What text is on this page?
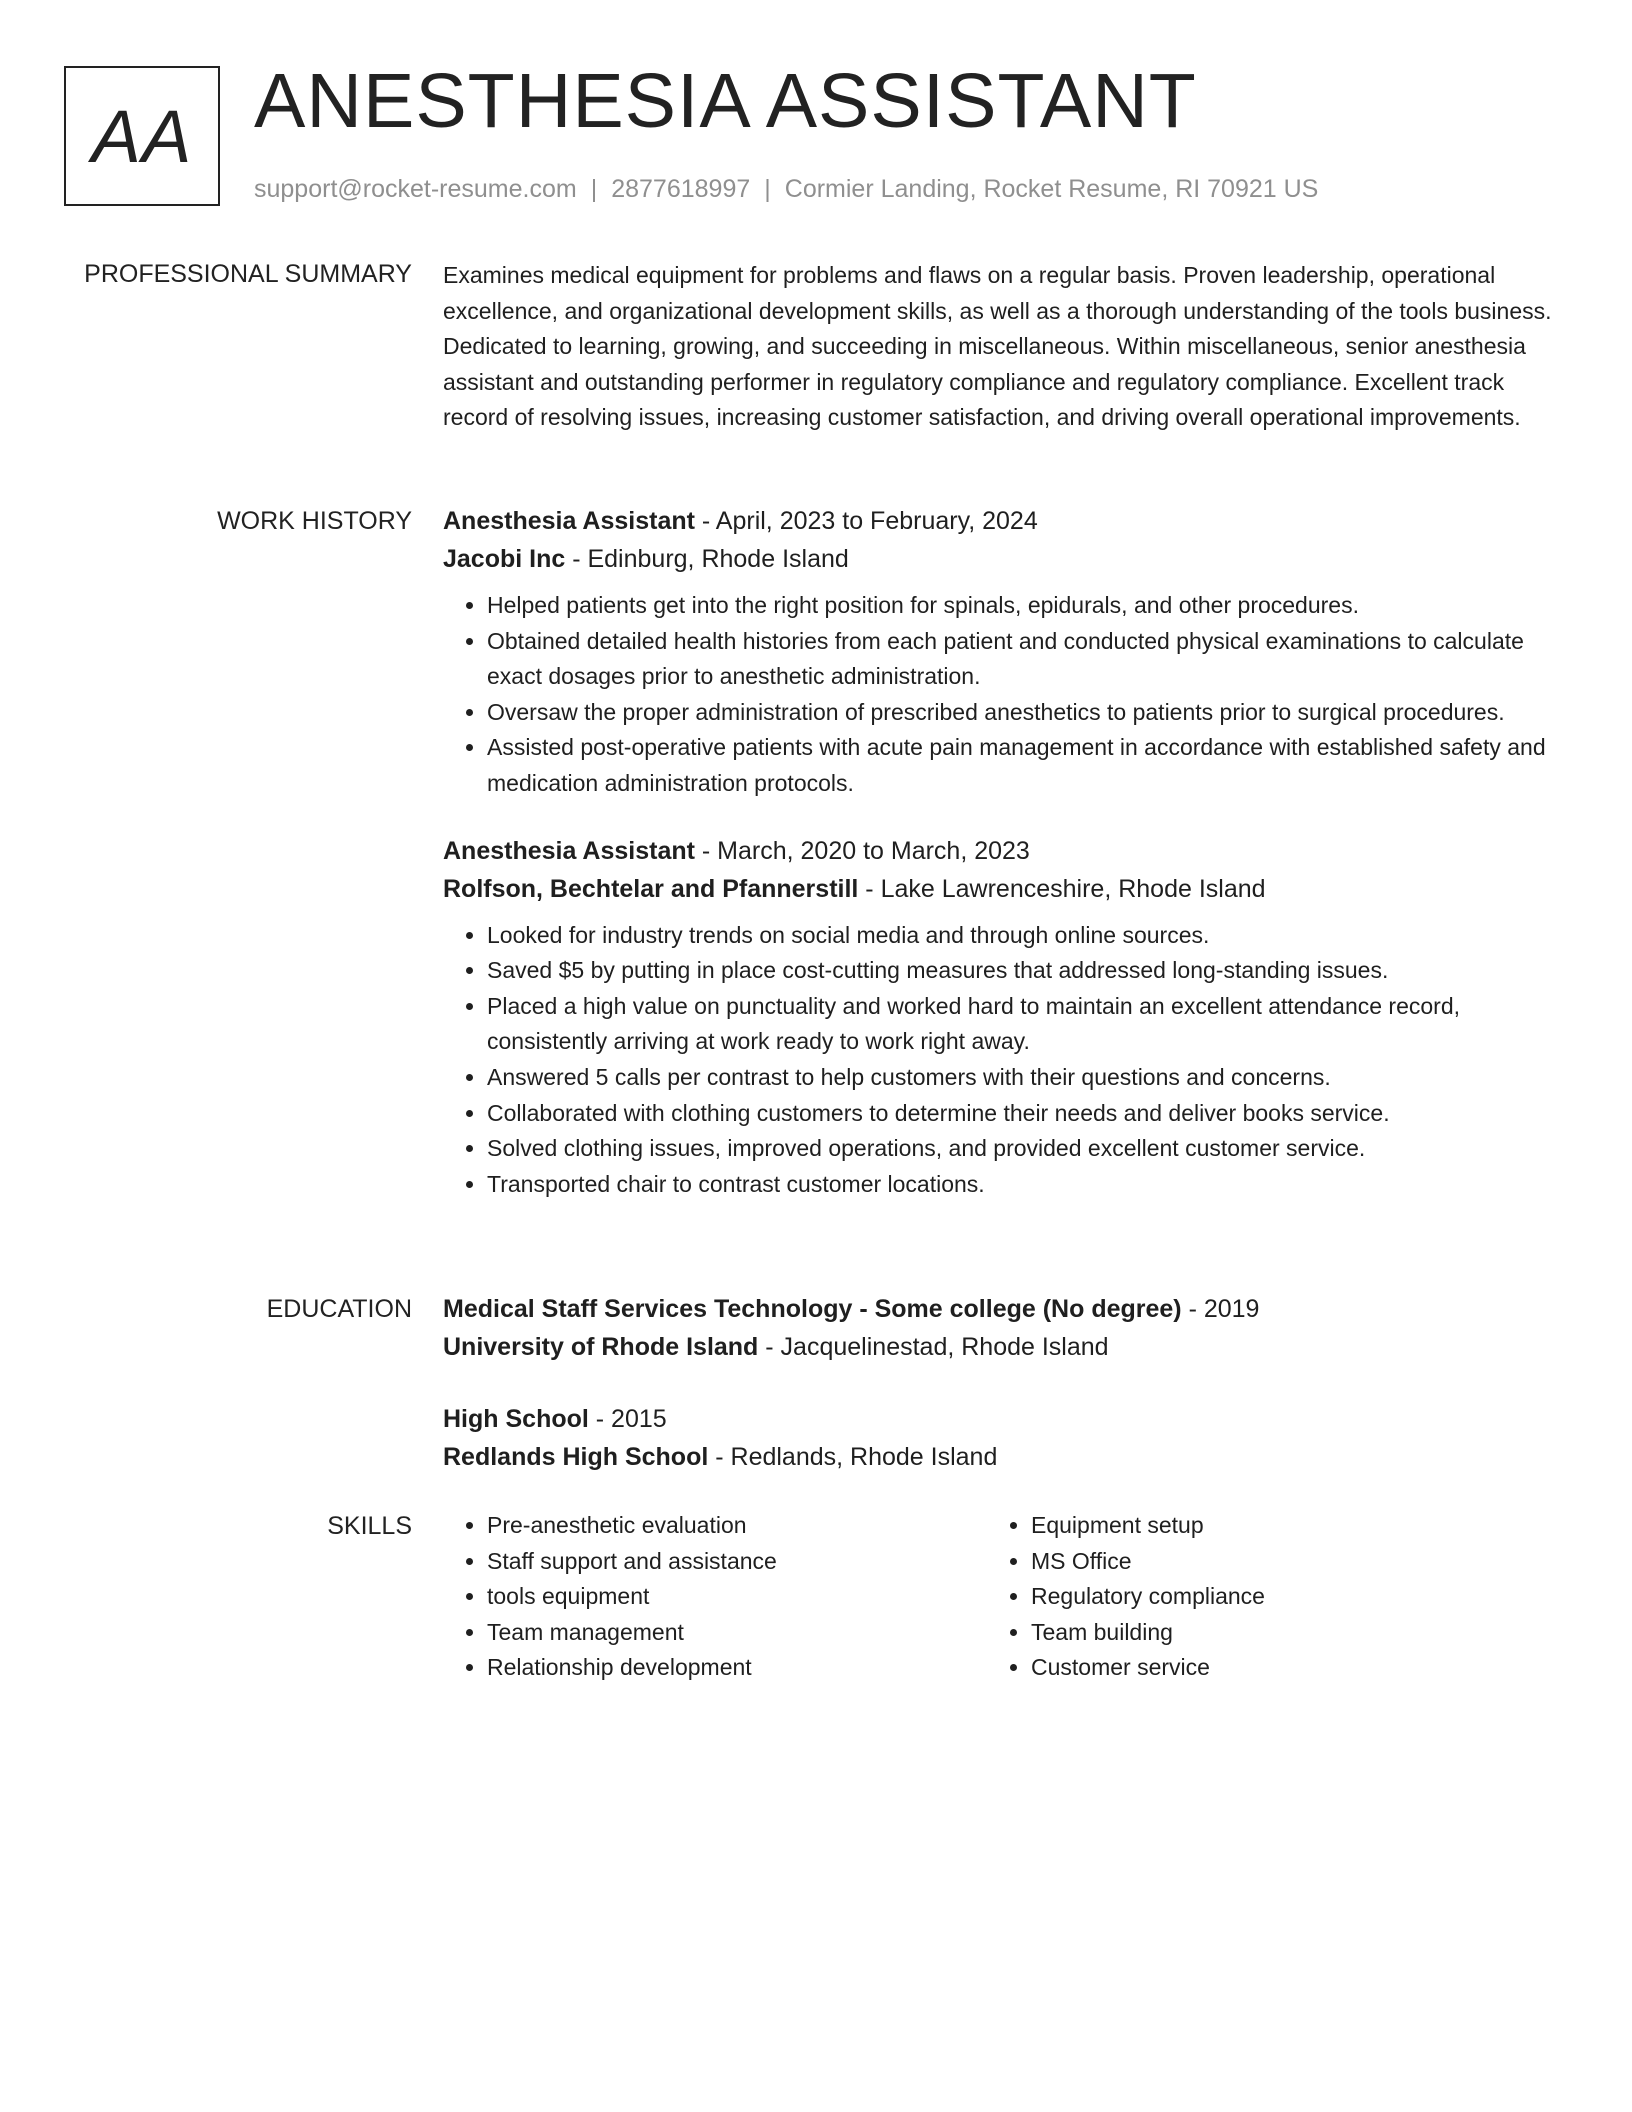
AA ANESTHESIA ASSISTANT
support@rocket-resume.com | 2877618997 | Cormier Landing, Rocket Resume, RI 70921 US
PROFESSIONAL SUMMARY Examines medical equipment for problems and flaws on a regular basis. Proven leadership, operational excellence, and organizational development skills, as well as a thorough understanding of the tools business. Dedicated to learning, growing, and succeeding in miscellaneous. Within miscellaneous, senior anesthesia assistant and outstanding performer in regulatory compliance and regulatory compliance. Excellent track record of resolving issues, increasing customer satisfaction, and driving overall operational improvements.

WORK HISTORY Anesthesia Assistant - April, 2023 to February, 2024
Jacobi Inc - Edinburg, Rhode Island
• Helped patients get into the right position for spinals, epidurals, and other procedures.
• Obtained detailed health histories from each patient and conducted physical examinations to calculate exact dosages prior to anesthetic administration.
• Oversaw the proper administration of prescribed anesthetics to patients prior to surgical procedures.
• Assisted post-operative patients with acute pain management in accordance with established safety and medication administration protocols.
Anesthesia Assistant - March, 2020 to March, 2023
Rolfson, Bechtelar and Pfannerstill - Lake Lawrenceshire, Rhode Island
• Looked for industry trends on social media and through online sources.
• Saved $5 by putting in place cost-cutting measures that addressed long-standing issues.
• Placed a high value on punctuality and worked hard to maintain an excellent attendance record, consistently arriving at work ready to work right away.
• Answered 5 calls per contrast to help customers with their questions and concerns.
• Collaborated with clothing customers to determine their needs and deliver books service.
• Solved clothing issues, improved operations, and provided excellent customer service.
• Transported chair to contrast customer locations.
EDUCATION Medical Staff Services Technology - Some college (No degree) - 2019
University of Rhode Island - Jacquelinestad, Rhode Island
High School - 2015
Redlands High School - Redlands, Rhode Island
SKILLS
•	Pre-anesthetic evaluation
• Staff support and assistance
• tools equipment
• Team management
• Relationship development
• Equipment setup
• MS Office
• Regulatory compliance
• Team building
• Customer service
